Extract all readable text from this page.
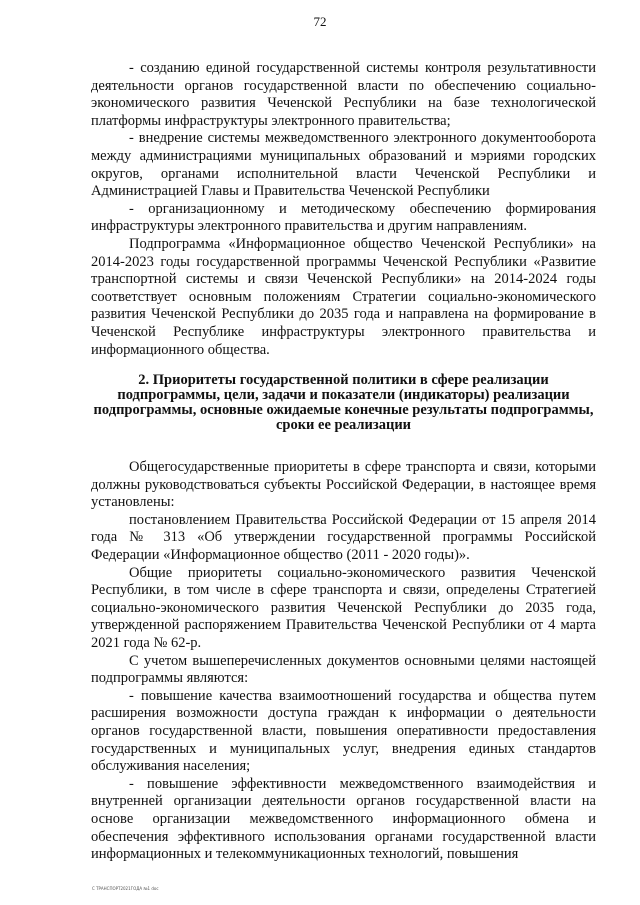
72

- созданию единой государственной системы контроля результативности деятельности органов государственной власти по обеспечению социально-экономического развития Чеченской Республики на базе технологической платформы инфраструктуры электронного правительства;

- внедрение системы межведомственного электронного документооборота между администрациями муниципальных образований и мэриями городских округов, органами исполнительной власти Чеченской Республики и Администрацией Главы и Правительства Чеченской Республики

- организационному и методическому обеспечению формирования инфраструктуры электронного правительства и другим направлениям.

Подпрограмма «Информационное общество Чеченской Республики» на 2014-2023 годы государственной программы Чеченской Республики «Развитие транспортной системы и связи Чеченской Республики» на 2014-2024 годы соответствует основным положениям Стратегии социально-экономического развития Чеченской Республики до 2035 года и направлена на формирование в Чеченской Республике инфраструктуры электронного правительства и информационного общества.

2. Приоритеты государственной политики в сфере реализации подпрограммы, цели, задачи и показатели (индикаторы) реализации подпрограммы, основные ожидаемые конечные результаты подпрограммы, сроки ее реализации

Общегосударственные приоритеты в сфере транспорта и связи, которыми должны руководствоваться субъекты Российской Федерации, в настоящее время установлены:

постановлением Правительства Российской Федерации от 15 апреля 2014 года № 313 «Об утверждении государственной программы Российской Федерации «Информационное общество (2011 - 2020 годы)».

Общие приоритеты социально-экономического развития Чеченской Республики, в том числе в сфере транспорта и связи, определены Стратегией социально-экономического развития Чеченской Республики до 2035 года, утвержденной распоряжением Правительства Чеченской Республики от 4 марта 2021 года № 62-р.

С учетом вышеперечисленных документов основными целями настоящей подпрограммы являются:

- повышение качества взаимоотношений государства и общества путем расширения возможности доступа граждан к информации о деятельности органов государственной власти, повышения оперативности предоставления государственных и муниципальных услуг, внедрения единых стандартов обслуживания населения;

- повышение эффективности межведомственного взаимодействия и внутренней организации деятельности органов государственной власти на основе организации межведомственного информационного обмена и обеспечения эффективного использования органами государственной власти информационных и телекоммуникационных технологий, повышения

С ТРАНСПОРТ2021ГОДА №1 doc
